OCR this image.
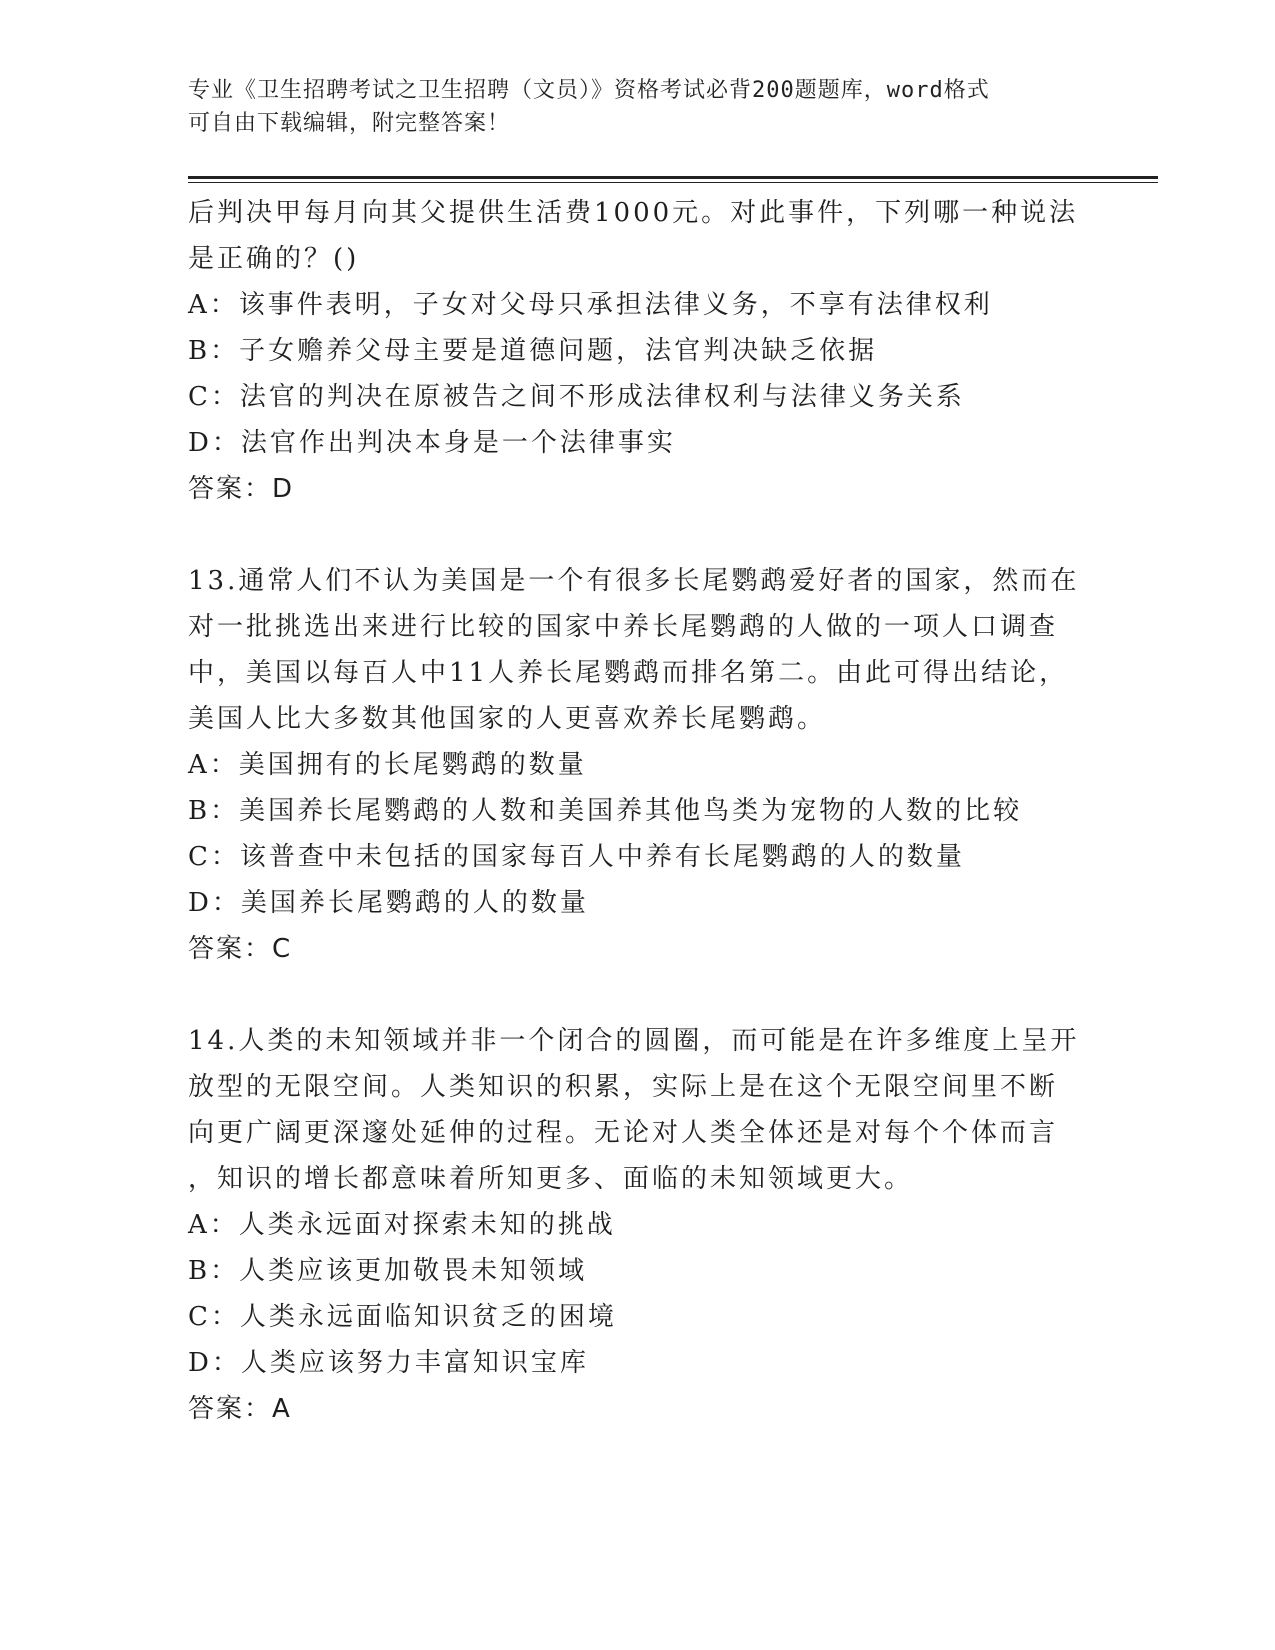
专业《卫生招聘考试之卫生招聘（文员）》资格考试必背200题题库，word格式
可自由下载编辑，附完整答案！

后判决甲每月向其父提供生活费1000元。对此事件，下列哪一种说法

是正确的？()

A：该事件表明，子女对父母只承担法律义务，不享有法律权利

B：子女赡养父母主要是道德问题，法官判决缺乏依据

C：法官的判决在原被告之间不形成法律权利与法律义务关系

D：法官作出判决本身是一个法律事实

答案：D

13.通常人们不认为美国是一个有很多长尾鹦鹉爱好者的国家，然而在

对一批挑选出来进行比较的国家中养长尾鹦鹉的人做的一项人口调查

中，美国以每百人中11人养长尾鹦鹉而排名第二。由此可得出结论，

美国人比大多数其他国家的人更喜欢养长尾鹦鹉。

A：美国拥有的长尾鹦鹉的数量

B：美国养长尾鹦鹉的人数和美国养其他鸟类为宠物的人数的比较

C：该普查中未包括的国家每百人中养有长尾鹦鹉的人的数量

D：美国养长尾鹦鹉的人的数量

答案：C

14.人类的未知领域并非一个闭合的圆圈，而可能是在许多维度上呈开

放型的无限空间。人类知识的积累，实际上是在这个无限空间里不断

向更广阔更深邃处延伸的过程。无论对人类全体还是对每个个体而言

，知识的增长都意味着所知更多、面临的未知领域更大。

A：人类永远面对探索未知的挑战

B：人类应该更加敬畏未知领域

C：人类永远面临知识贫乏的困境

D：人类应该努力丰富知识宝库

答案：A
